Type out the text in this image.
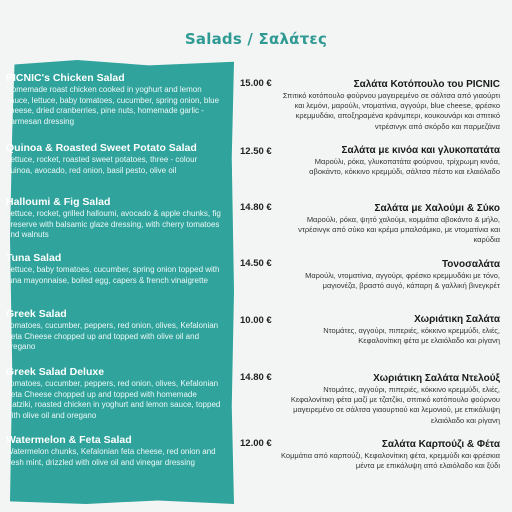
Salads / Σαλάτες
PICNIC's Chicken Salad
Homemade roast chicken cooked in yoghurt and lemon sauce, lettuce, baby tomatoes, cucumber, spring onion, blue cheese, dried cranberries, pine nuts, homemade garlic - parmesan dressing
15.00 €	Σαλάτα Κοτόπουλο του PICNIC
Σπιτικό κοτόπουλο φούρνου μαγειρεμένο σε σάλτσα από γιαούρτι και λεμόνι, μαρούλι, ντοματίνια, αγγούρι, blue cheese, φρέσκο κρεμμυδάκι, αποξηραμένα κράνμπερι, κουκουνάρι και σπιτικό ντρέσινγκ από σκόρδο και παρμεζάνα
Quinoa & Roasted Sweet Potato Salad
Lettuce, rocket, roasted sweet potatoes, three - colour quinoa, avocado, red onion, basil pesto, olive oil
12.50 €	Σαλάτα με κινόα και γλυκοπατάτα
Μαρούλι, ρόκα, γλυκοπατάτα φούρνου, τρίχρωμη κινόα, αβοκάντο, κόκκινο κρεμμύδι, σάλτσα πέστο και ελαιόλαδο
Halloumi & Fig Salad
Lettuce, rocket, grilled halloumi, avocado & apple chunks, fig preserve with balsamic glaze dressing, with cherry tomatoes and walnuts
14.80 €	Σαλάτα με Χαλούμι & Σύκο
Μαρούλι, ρόκα, ψητό χαλούμι, κομμάτια αβοκάντο & μήλο, ντρέσινγκ από σύκο και κρέμα μπαλσάμικο, με ντοματίνια και καρύδια
Tuna Salad
Lettuce, baby tomatoes, cucumber, spring onion topped with tuna mayonnaise, boiled egg, capers & french vinaigrette
14.50 €	Τονοσαλάτα
Μαρούλι, ντοματίνια, αγγούρι, φρέσκο κρεμμυδάκι με τόνο, μαγιονέζα, βραστό αυγό, κάπαρη & γαλλική βινεγκρέτ
Greek Salad
Tomatoes, cucumber, peppers, red onion, olives, Kefalonian Feta Cheese chopped up and topped with olive oil and oregano
10.00 €	Χωριάτικη Σαλάτα
Ντομάτες, αγγούρι, πιπεριές, κόκκινο κρεμμύδι, ελιές, Κεφαλονίτικη φέτα με ελαιόλαδο και ρίγανη
Greek Salad Deluxe
Tomatoes, cucumber, peppers, red onion, olives, Kefalonian Feta Cheese chopped up and topped with homemade tzatziki, roasted chicken in yoghurt and lemon sauce, topped with olive oil and oregano
14.80 €	Χωριάτικη Σαλάτα Ντελούξ
Ντομάτες, αγγούρι, πιπεριές, κόκκινο κρεμμύδι, ελιές, Κεφαλονίτικη φέτα μαζί με τζατζίκι, σπιτικό κοτόπουλο φούρνου μαγειρεμένο σε σάλτσα γιαουρτιού και λεμονιού, με επικάλυψη ελαιόλαδο και ρίγανη
Watermelon & Feta Salad
Watermelon chunks, Kefalonian feta cheese, red onion and fresh mint, drizzled with olive oil and vinegar dressing
12.00 €	Σαλάτα Καρπούζι & Φέτα
Κομμάτια από καρπούζι, Κεφαλονίτικη φέτα, κρεμμύδι και φρέσκια μέντα με επικάλυψη από ελαιόλαδο και ξύδι
